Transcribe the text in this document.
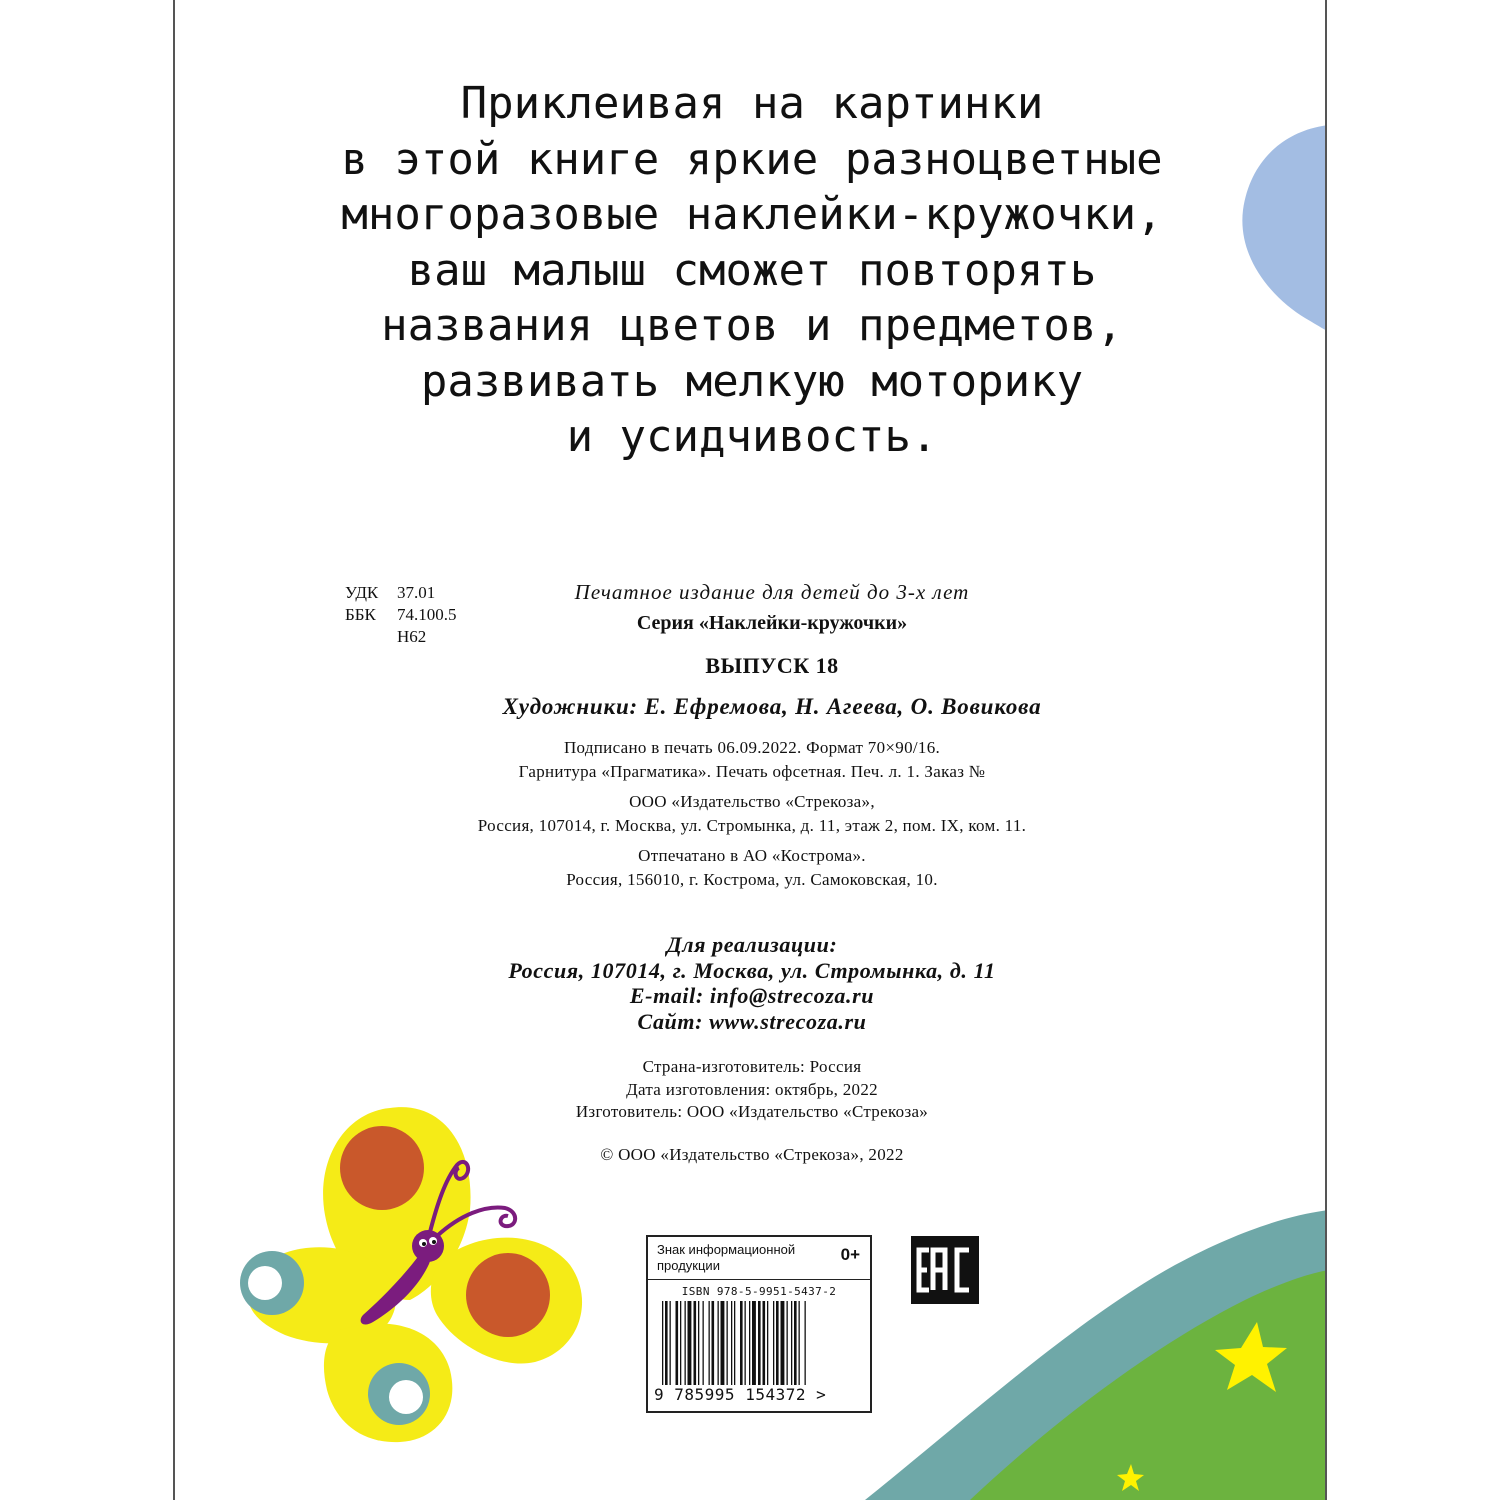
Приклеивая на картинки
в этой книге яркие разноцветные
многоразовые наклейки-кружочки,
ваш малыш сможет повторять
названия цветов и предметов,
развивать мелкую моторику
и усидчивость.
УДК 37.01
ББК 74.100.5
Н62
Печатное издание для детей до 3-х лет
Серия «Наклейки-кружочки»
ВЫПУСК 18
Художники: Е. Ефремова, Н. Агеева, О. Вовикова
Подписано в печать 06.09.2022. Формат 70×90/16.
Гарнитура «Прагматика». Печать офсетная. Печ. л. 1. Заказ №
ООО «Издательство «Стрекоза»,
Россия, 107014, г. Москва, ул. Стромынка, д. 11, этаж 2, пом. IX, ком. 11.
Отпечатано в АО «Кострома».
Россия, 156010, г. Кострома, ул. Самоковская, 10.
Для реализации:
Россия, 107014, г. Москва, ул. Стромынка, д. 11
E-mail: info@strecoza.ru
Сайт: www.strecoza.ru
Страна-изготовитель: Россия
Дата изготовления: октябрь, 2022
Изготовитель: ООО «Издательство «Стрекоза»
© ООО «Издательство «Стрекоза», 2022
Знак информационной продукции
0+
ISBN 978-5-9951-5437-2
9 785995 154372 >
